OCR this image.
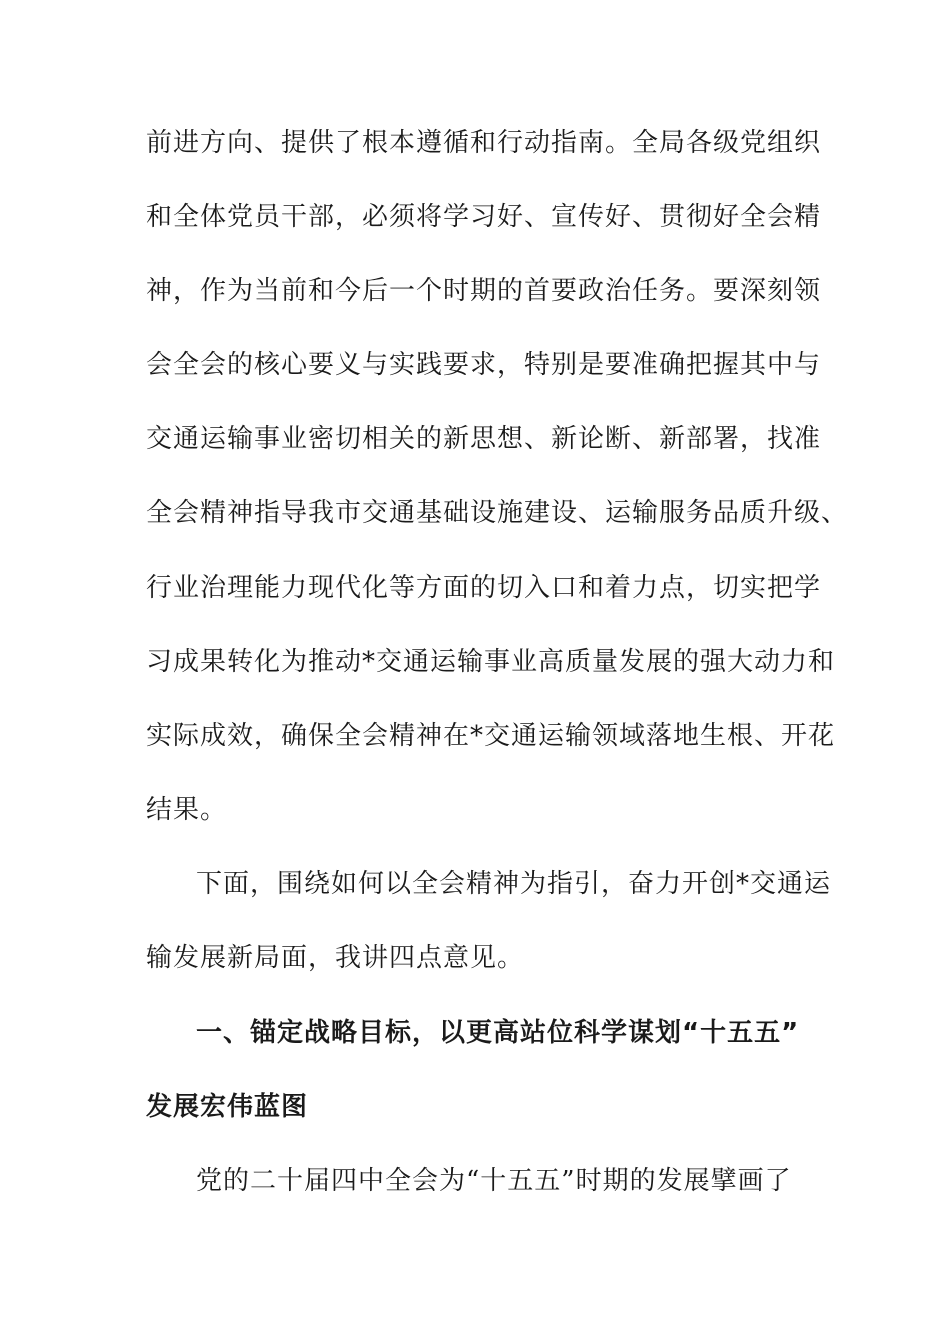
前进方向、提供了根本遵循和行动指南。全局各级党组织
和全体党员干部，必须将学习好、宣传好、贯彻好全会精
神，作为当前和今后一个时期的首要政治任务。要深刻领
会全会的核心要义与实践要求，特别是要准确把握其中与
交通运输事业密切相关的新思想、新论断、新部署，找准
全会精神指导我市交通基础设施建设、运输服务品质升级、
行业治理能力现代化等方面的切入口和着力点，切实把学
习成果转化为推动*交通运输事业高质量发展的强大动力和
实际成效，确保全会精神在*交通运输领域落地生根、开花
结果。
下面，围绕如何以全会精神为指引，奋力开创*交通运
输发展新局面，我讲四点意见。
一、锚定战略目标，以更高站位科学谋划“十五五”
发展宏伟蓝图
党的二十届四中全会为“十五五”时期的发展擘画了
